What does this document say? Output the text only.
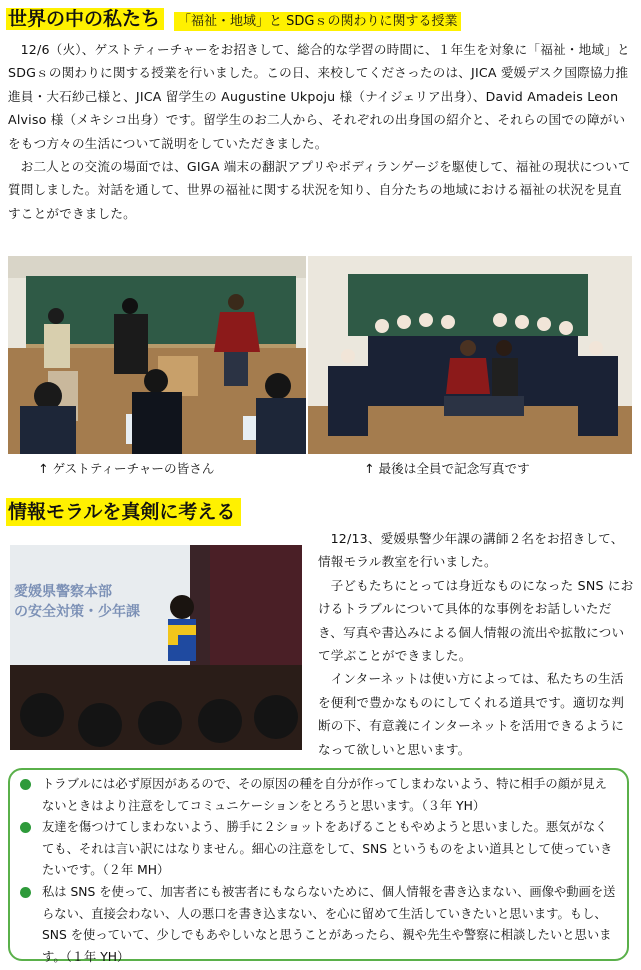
世界の中の私たち 「福祉・地域」と SDGｓの関わりに関する授業

12/6（火）、ゲストティーチャーをお招きして、総合的な学習の時間に、１年生を対象に「福祉・地域」と SDGｓの関わりに関する授業を行いました。この日、来校してくださったのは、JICA 愛媛デスク国際協力推進員・大石紗己様と、JICA 留学生の Augustine Ukpoju 様（ナイジェリア出身）、David Amadeis Leon Alviso 様（メキシコ出身）です。留学生のお二人から、それぞれの出身国の紹介と、それらの国での障がいをもつ方々の生活について説明をしていただきました。

お二人との交流の場面では、GIGA 端末の翻訳アプリやボディランゲージを駆使して、福祉の現状について質問しました。対話を通して、世界の福祉に関する状況を知り、自分たちの地域における福祉の状況を見直すことができました。

↑ ゲストティーチャーの皆さん	↑ 最後は全員で記念写真です
情報モラルを真剣に考える
愛媛県警察本部
の安全対策・少年課

12/13、愛媛県警少年課の講師２名をお招きして、情報モラル教室を行いました。

子どもたちにとっては身近なものになった SNS におけるトラブルについて具体的な事例をお話しいただき、写真や書込みによる個人情報の流出や拡散について学ぶことができました。

インターネットは使い方によっては、私たちの生活を便利で豊かなものにしてくれる道具です。適切な判断の下、有意義にインターネットを活用できるようになって欲しいと思います。

トラブルには必ず原因があるので、その原因の種を自分が作ってしまわないよう、特に相手の顔が見えないときはより注意をしてコミュニケーションをとろうと思います。（３年 YH）
友達を傷つけてしまわないよう、勝手に２ショットをあげることもやめようと思いました。悪気がなくても、それは言い訳にはなりません。細心の注意をして、SNS というものをよい道具として使っていきたいです。（２年 MH）
私は SNS を使って、加害者にも被害者にもならないために、個人情報を書き込まない、画像や動画を送らない、直接会わない、人の悪口を書き込まない、を心に留めて生活していきたいと思います。もし、SNS を使っていて、少しでもあやしいなと思うことがあったら、親や先生や警察に相談したいと思います。（１年 YH）
